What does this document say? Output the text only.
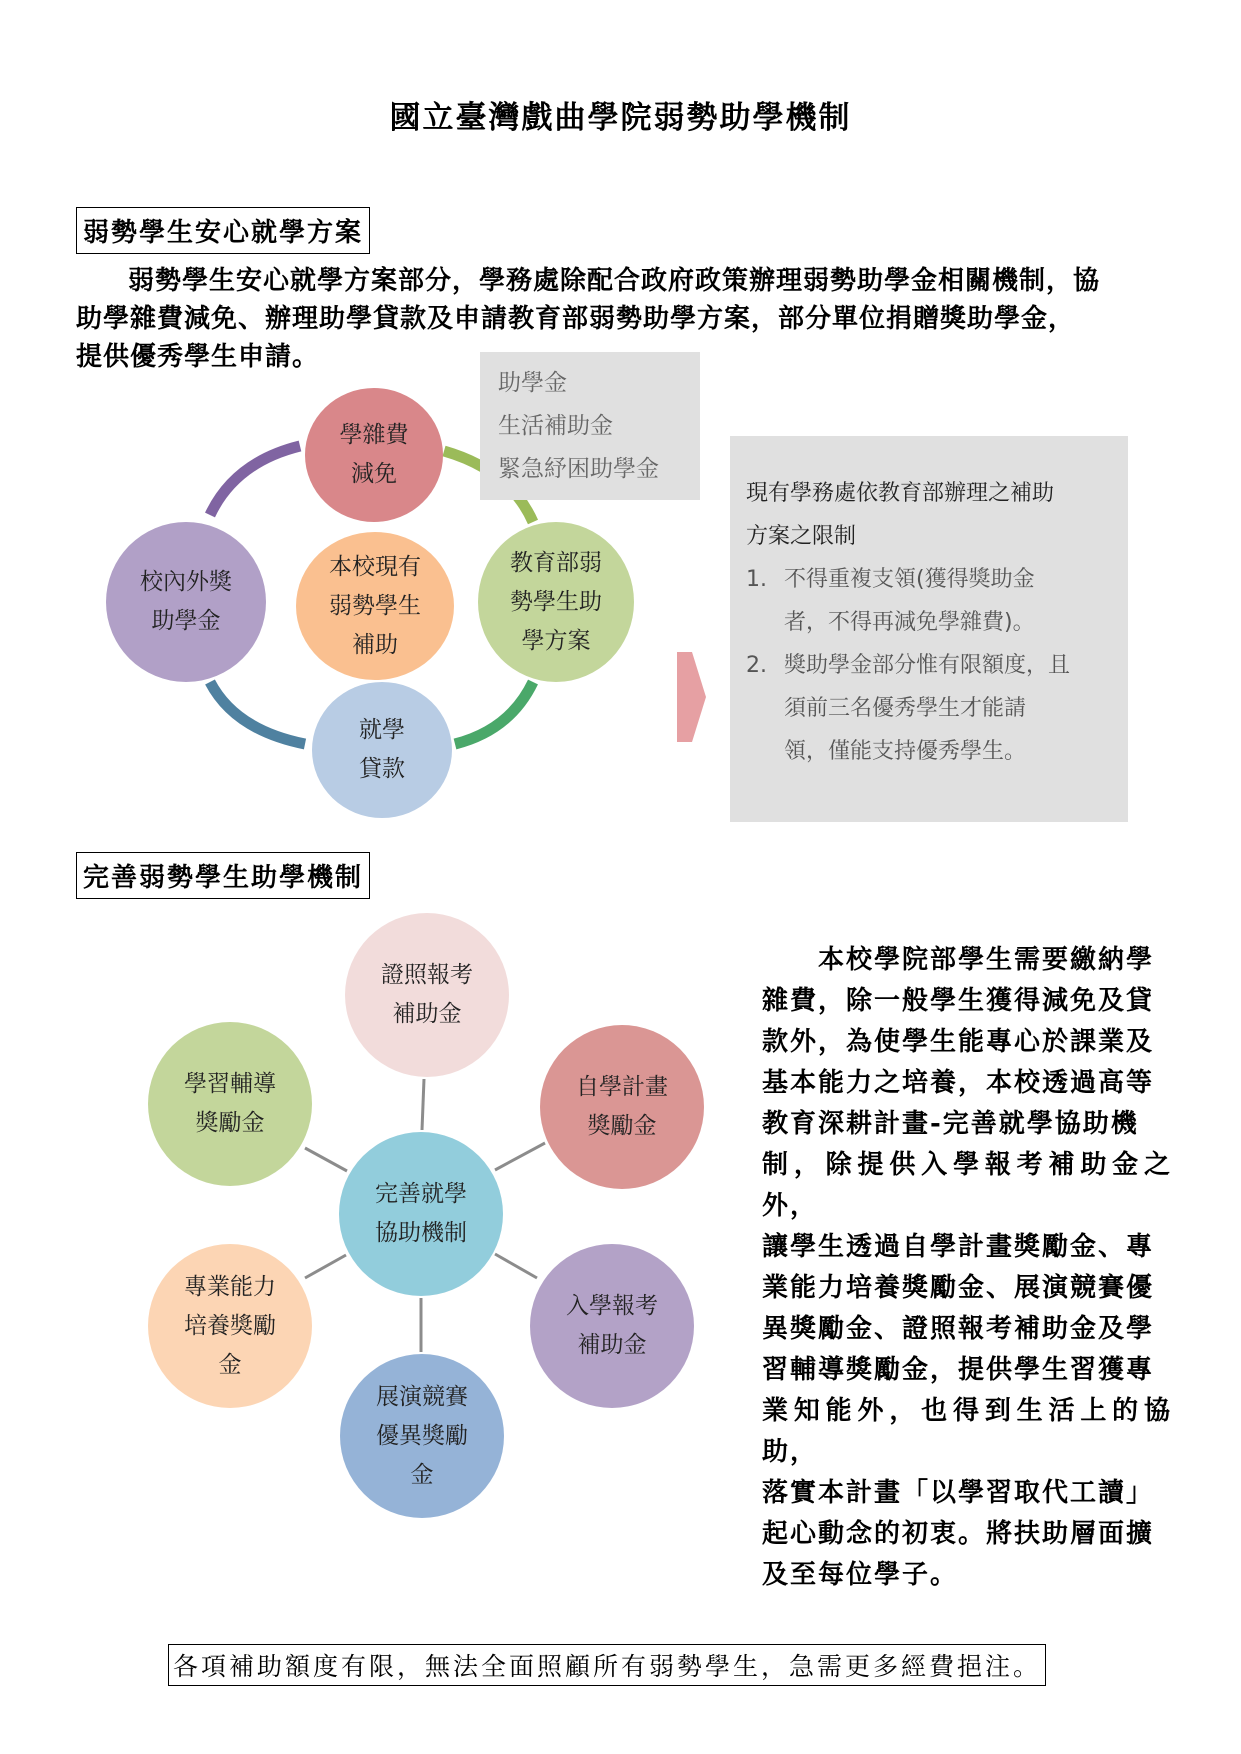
國立臺灣戲曲學院弱勢助學機制
弱勢學生安心就學方案
弱勢學生安心就學方案部分，學務處除配合政府政策辦理弱勢助學金相關機制，協
助學雜費減免、辦理助學貸款及申請教育部弱勢助學方案，部分單位捐贈獎助學金，
提供優秀學生申請。
助學金
生活補助金
緊急紓困助學金
學雜費
減免
教育部弱
勢學生助
學方案
就學
貸款
校內外獎
助學金
本校現有
弱勢學生
補助
現有學務處依教育部辦理之補助
方案之限制
1. 不得重複支領(獲得獎助金
者，不得再減免學雜費)。
2. 獎助學金部分惟有限額度，且
須前三名優秀學生才能請
領，僅能支持優秀學生。
完善弱勢學生助學機制
證照報考
補助金
自學計畫
獎勵金
入學報考
補助金
展演競賽
優異獎勵
金
專業能力
培養獎勵
金
學習輔導
獎勵金
完善就學
協助機制
　　本校學院部學生需要繳納學
雜費，除一般學生獲得減免及貸
款外，為使學生能專心於課業及
基本能力之培養，本校透過高等
教育深耕計畫-完善就學協助機
制，除提供入學報考補助金之外，
讓學生透過自學計畫獎勵金、專
業能力培養獎勵金、展演競賽優
異獎勵金、證照報考補助金及學
習輔導獎勵金，提供學生習獲專
業知能外，也得到生活上的協助，
落實本計畫「以學習取代工讀」
起心動念的初衷。將扶助層面擴
及至每位學子。
各項補助額度有限，無法全面照顧所有弱勢學生，急需更多經費挹注。
